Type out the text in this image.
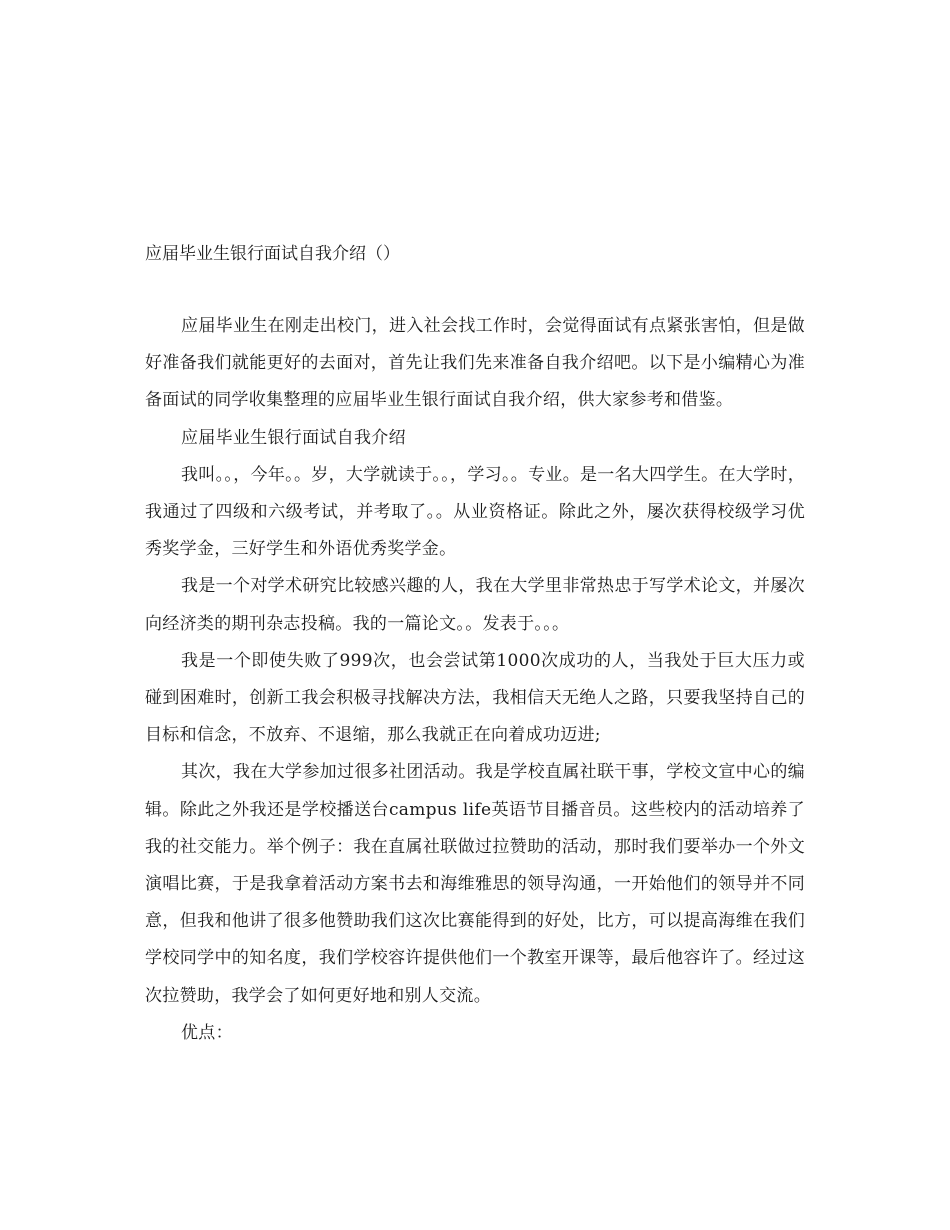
应届毕业生银行面试自我介绍（）

应届毕业生在刚走出校门，进入社会找工作时，会觉得面试有点紧张害怕，但是做好准备我们就能更好的去面对，首先让我们先来准备自我介绍吧。以下是小编精心为准备面试的同学收集整理的应届毕业生银行面试自我介绍，供大家参考和借鉴。

应届毕业生银行面试自我介绍

我叫。。，今年。。岁，大学就读于。。，学习。。专业。是一名大四学生。在大学时，我通过了四级和六级考试，并考取了。。从业资格证。除此之外，屡次获得校级学习优秀奖学金，三好学生和外语优秀奖学金。

我是一个对学术研究比较感兴趣的人，我在大学里非常热忠于写学术论文，并屡次向经济类的期刊杂志投稿。我的一篇论文。。发表于。。。

我是一个即使失败了999次，也会尝试第1000次成功的人，当我处于巨大压力或碰到困难时，创新工我会积极寻找解决方法，我相信天无绝人之路，只要我坚持自己的目标和信念，不放弃、不退缩，那么我就正在向着成功迈进;

其次，我在大学参加过很多社团活动。我是学校直属社联干事，学校文宣中心的编辑。除此之外我还是学校播送台campus life英语节目播音员。这些校内的活动培养了我的社交能力。举个例子：我在直属社联做过拉赞助的活动，那时我们要举办一个外文演唱比赛，于是我拿着活动方案书去和海维雅思的领导沟通，一开始他们的领导并不同意，但我和他讲了很多他赞助我们这次比赛能得到的好处，比方，可以提高海维在我们学校同学中的知名度，我们学校容许提供他们一个教室开课等，最后他容许了。经过这次拉赞助，我学会了如何更好地和别人交流。

优点：
